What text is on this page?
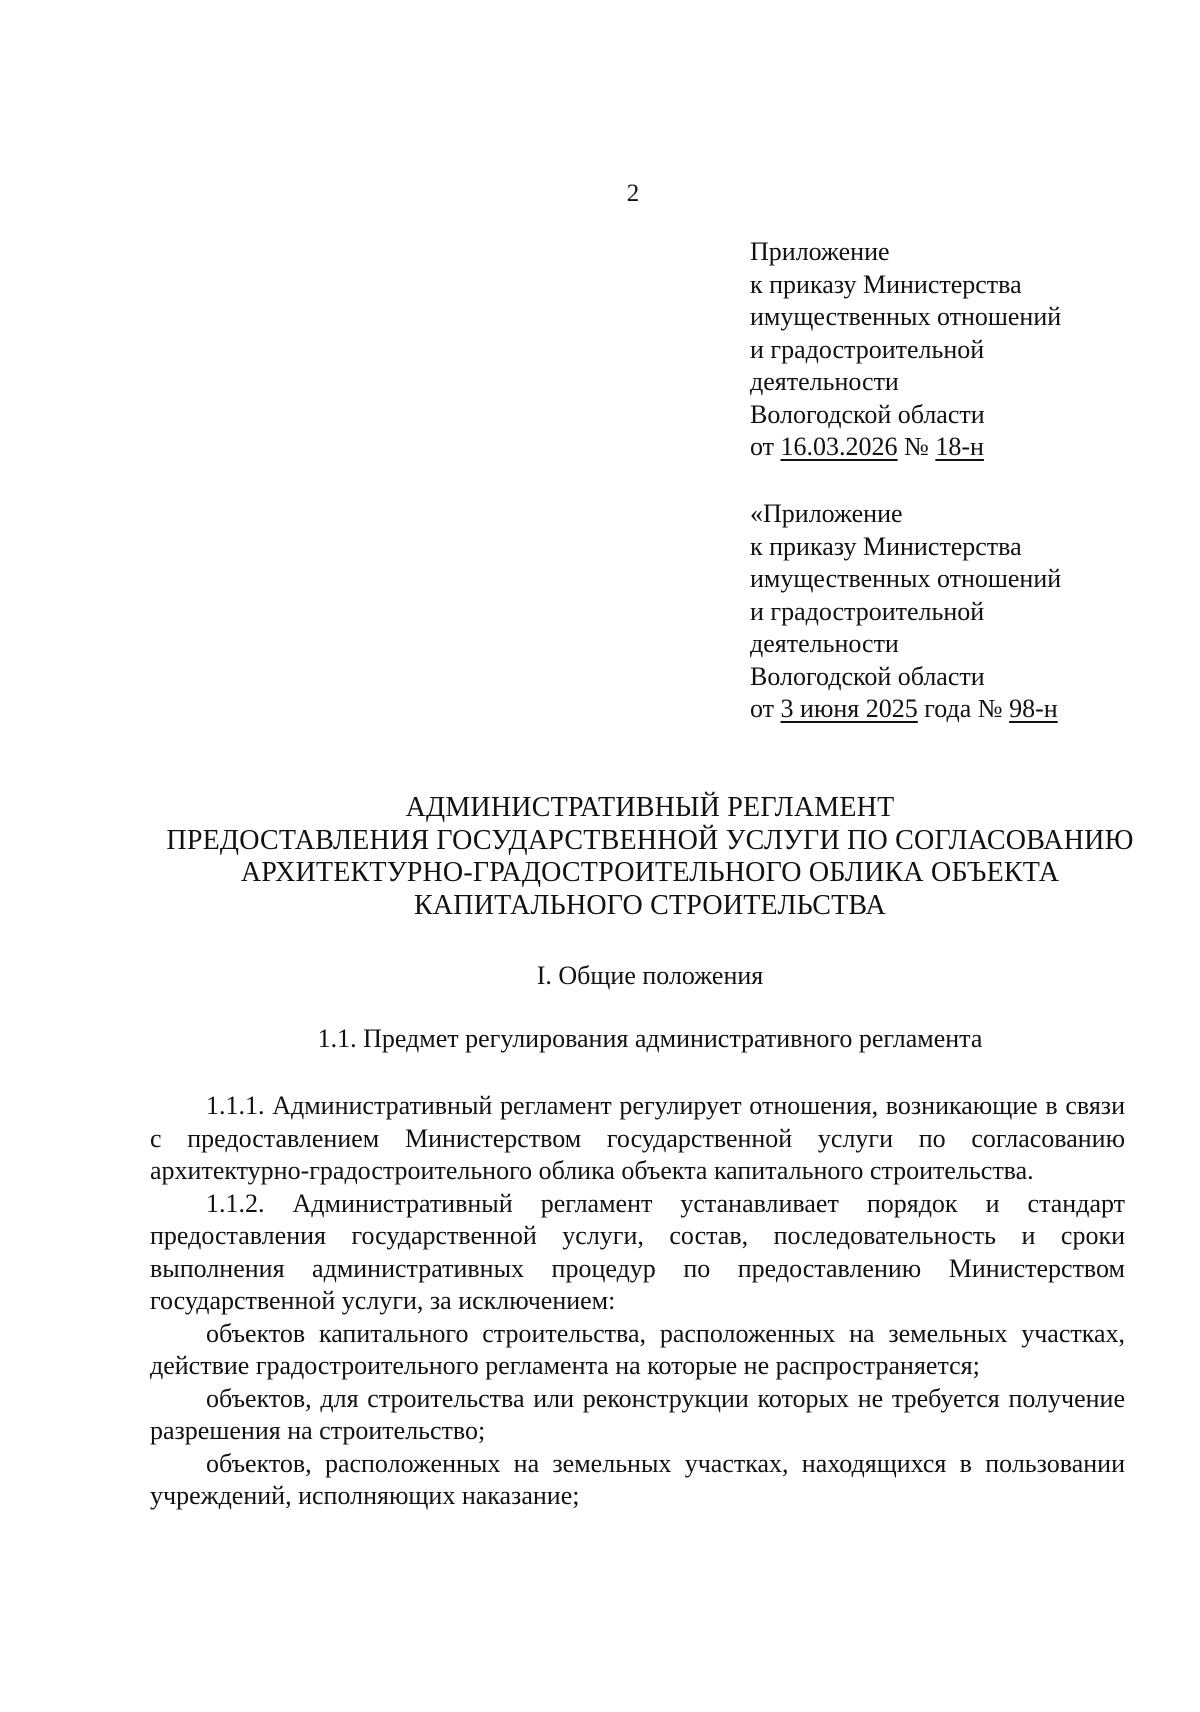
2
Приложение
к приказу Министерства
имущественных отношений
и градостроительной
деятельности
Вологодской области
от 16.03.2026 № 18-н
«Приложение
к приказу Министерства
имущественных отношений
и градостроительной
деятельности
Вологодской области
от 3 июня 2025 года № 98-н
АДМИНИСТРАТИВНЫЙ РЕГЛАМЕНТ
ПРЕДОСТАВЛЕНИЯ ГОСУДАРСТВЕННОЙ УСЛУГИ ПО СОГЛАСОВАНИЮ
АРХИТЕКТУРНО-ГРАДОСТРОИТЕЛЬНОГО ОБЛИКА ОБЪЕКТА
КАПИТАЛЬНОГО СТРОИТЕЛЬСТВА
I. Общие положения
1.1. Предмет регулирования административного регламента

1.1.1. Административный регламент регулирует отношения, возникающие в связи с предоставлением Министерством государственной услуги по согласованию архитектурно-градостроительного облика объекта капитального строительства.

1.1.2. Административный регламент устанавливает порядок и стандарт предоставления государственной услуги, состав, последовательность и сроки выполнения административных процедур по предоставлению Министерством государственной услуги, за исключением:

объектов капитального строительства, расположенных на земельных участках, действие градостроительного регламента на которые не распространяется;

объектов, для строительства или реконструкции которых не требуется получение разрешения на строительство;

объектов, расположенных на земельных участках, находящихся в пользовании учреждений, исполняющих наказание;
